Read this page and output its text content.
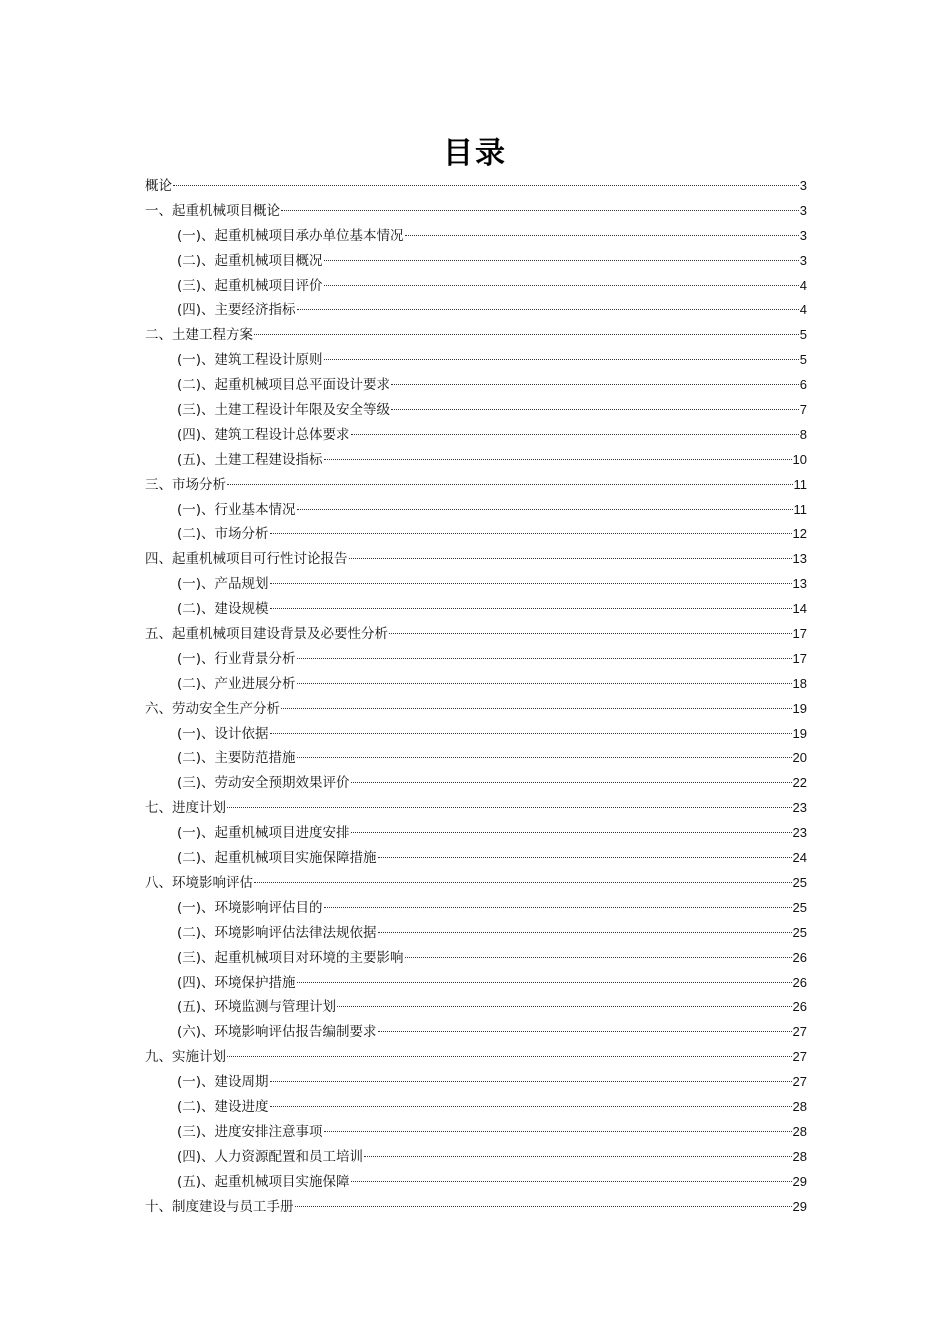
目录
概论	3
一、起重机械项目概论	3
(一)、起重机械项目承办单位基本情况	3
(二)、起重机械项目概况	3
(三)、起重机械项目评价	4
(四)、主要经济指标	4
二、土建工程方案	5
(一)、建筑工程设计原则	5
(二)、起重机械项目总平面设计要求	6
(三)、土建工程设计年限及安全等级	7
(四)、建筑工程设计总体要求	8
(五)、土建工程建设指标	10
三、市场分析	11
(一)、行业基本情况	11
(二)、市场分析	12
四、起重机械项目可行性讨论报告	13
(一)、产品规划	13
(二)、建设规模	14
五、起重机械项目建设背景及必要性分析	17
(一)、行业背景分析	17
(二)、产业进展分析	18
六、劳动安全生产分析	19
(一)、设计依据	19
(二)、主要防范措施	20
(三)、劳动安全预期效果评价	22
七、进度计划	23
(一)、起重机械项目进度安排	23
(二)、起重机械项目实施保障措施	24
八、环境影响评估	25
(一)、环境影响评估目的	25
(二)、环境影响评估法律法规依据	25
(三)、起重机械项目对环境的主要影响	26
(四)、环境保护措施	26
(五)、环境监测与管理计划	26
(六)、环境影响评估报告编制要求	27
九、实施计划	27
(一)、建设周期	27
(二)、建设进度	28
(三)、进度安排注意事项	28
(四)、人力资源配置和员工培训	28
(五)、起重机械项目实施保障	29
十、制度建设与员工手册	29
